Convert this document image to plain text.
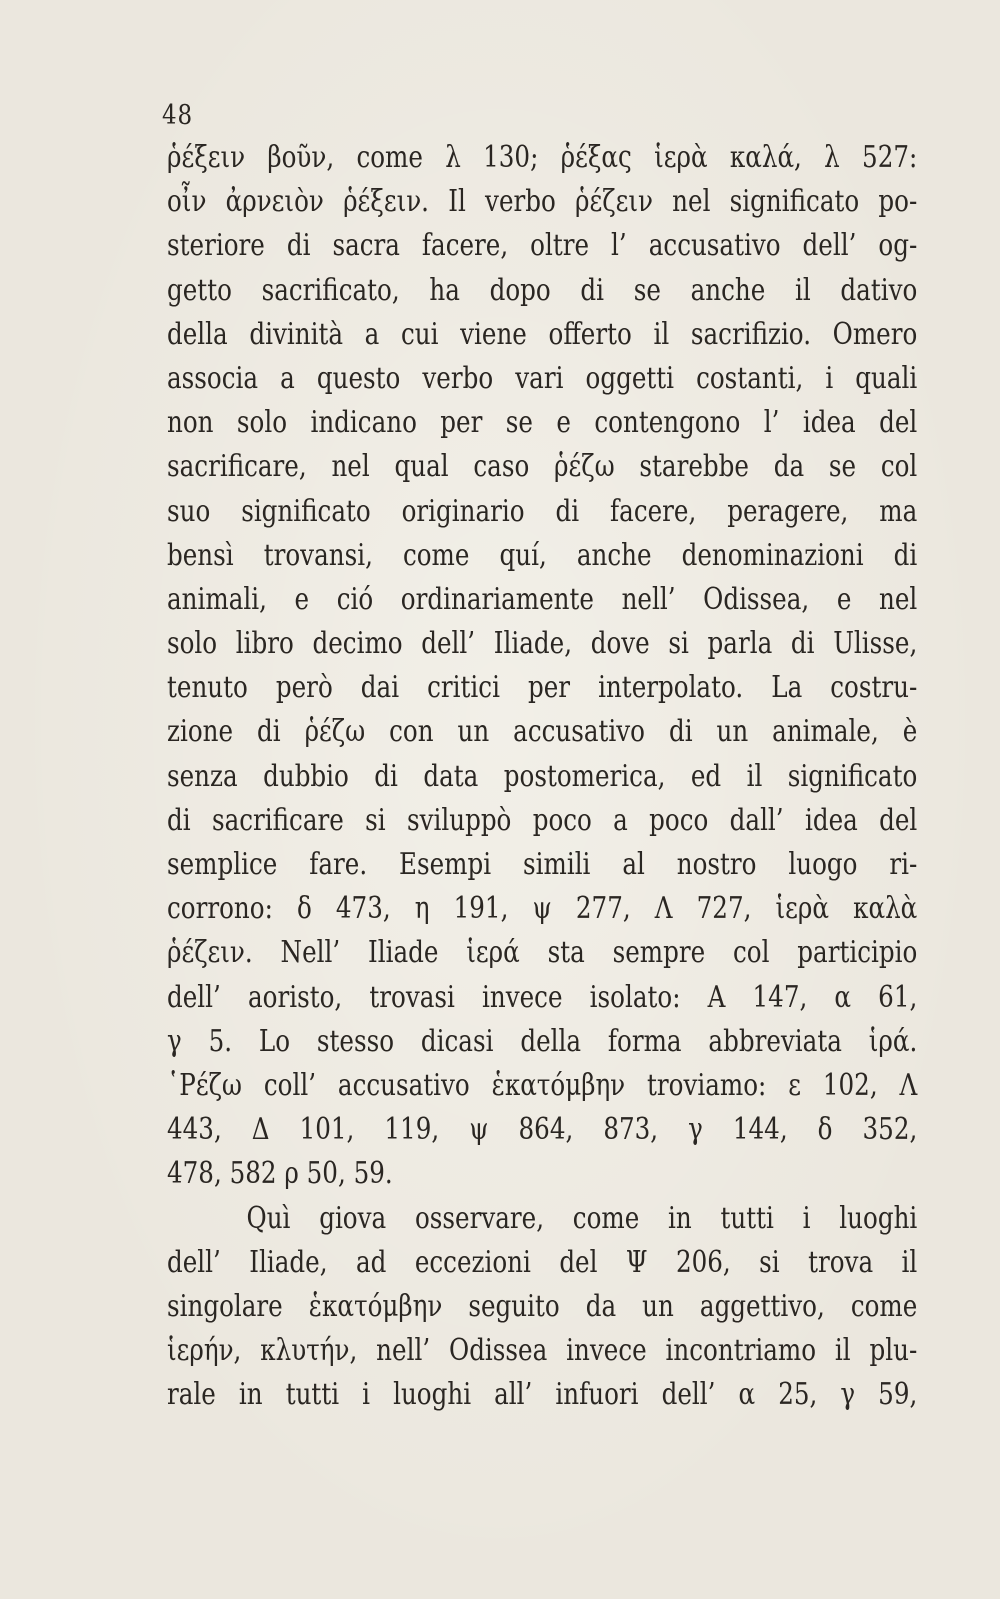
48
ῥέξειν βοῦν, come λ 130; ῥέξας ἱερὰ καλά, λ 527:
οἶν ἀρνειὸν ῥέξειν. Il verbo ῥέζειν nel significato po-
steriore di sacra facere, oltre l’ accusativo dell’ og-
getto sacrificato, ha dopo di se anche il dativo
della divinità a cui viene offerto il sacrifizio. Omero
associa a questo verbo vari oggetti costanti, i quali
non solo indicano per se e contengono l’ idea del
sacrificare, nel qual caso ῥέζω starebbe da se col
suo significato originario di facere, peragere, ma
bensì trovansi, come quí, anche denominazioni di
animali, e ció ordinariamente nell’ Odissea, e nel
solo libro decimo dell’ Iliade, dove si parla di Ulisse,
tenuto però dai critici per interpolato. La costru-
zione di ῥέζω con un accusativo di un animale, è
senza dubbio di data postomerica, ed il significato
di sacrificare si sviluppò poco a poco dall’ idea del
semplice fare. Esempi simili al nostro luogo ri-
corrono: δ 473, η 191, ψ 277, Λ 727, ἱερὰ καλὰ
ῥέζειν. Nell’ Iliade ἱερά sta sempre col participio
dell’ aoristo, trovasi invece isolato: Α 147, α 61,
γ 5. Lo stesso dicasi della forma abbreviata ἱρά.
῾Ρέζω coll’ accusativo ἑκατόμβην troviamo: ε 102, Λ
443, Δ 101, 119, ψ 864, 873, γ 144, δ 352,
478, 582 ρ 50, 59.
Quì giova osservare, come in tutti i luoghi
dell’ Iliade, ad eccezioni del Ψ 206, si trova il
singolare ἑκατόμβην seguito da un aggettivo, come
ἱερήν, κλυτήν, nell’ Odissea invece incontriamo il plu-
rale in tutti i luoghi all’ infuori dell’ α 25, γ 59,
